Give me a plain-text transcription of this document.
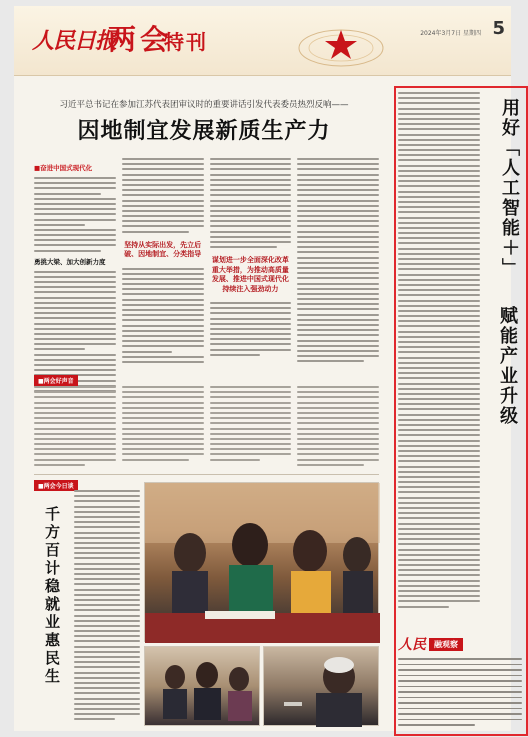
人民日报
两会
特刊	2024年3月7日 星期四 5
习近平总书记在参加江苏代表团审议时的重要讲话引发代表委员热烈反响——
因地制宜发展新质生产力
■奋进中国式现代化
勇挑大梁、加大创新力度
坚持从实际出发，先立后破、因地制宜、分类指导
谋划进一步全面深化改革重大举措，为推动高质量发展、推进中国式现代化持续注入强劲动力
■两会好声音
■两会今日谈
千方百计稳就业惠民生
用好「人工智能＋」
赋能产业升级
人民 融观察
